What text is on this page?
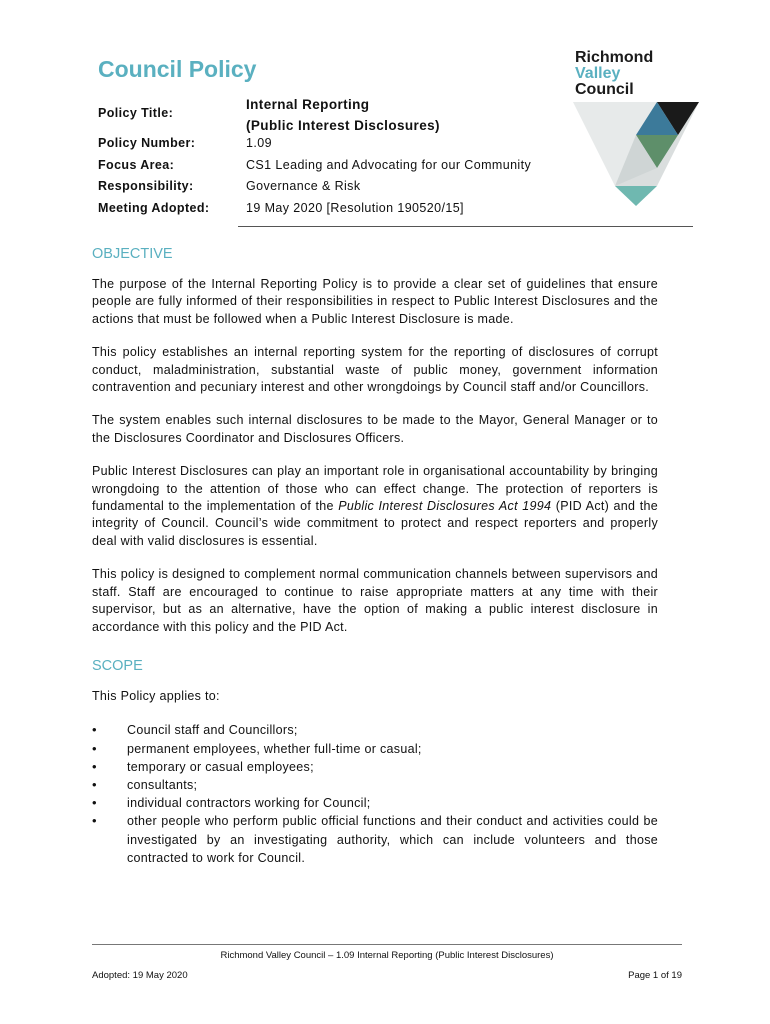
Council Policy	Richmond
Valley
Council
Policy Title:
Internal Reporting
(Public Interest Disclosures)
Policy Number:	1.09
Focus Area:	CS1 Leading and Advocating for our Community
Responsibility:	Governance & Risk
Meeting Adopted:	19 May 2020 [Resolution 190520/15]
OBJECTIVE

The purpose of the Internal Reporting Policy is to provide a clear set of guidelines that ensure people are fully informed of their responsibilities in respect to Public Interest Disclosures and the actions that must be followed when a Public Interest Disclosure is made.

This policy establishes an internal reporting system for the reporting of disclosures of corrupt conduct, maladministration, substantial waste of public money, government information contravention and pecuniary interest and other wrongdoings by Council staff and/or Councillors.

The system enables such internal disclosures to be made to the Mayor, General Manager or to the Disclosures Coordinator and Disclosures Officers.

Public Interest Disclosures can play an important role in organisational accountability by bringing wrongdoing to the attention of those who can effect change. The protection of reporters is fundamental to the implementation of the Public Interest Disclosures Act 1994 (PID Act) and the integrity of Council. Council’s wide commitment to protect and respect reporters and properly deal with valid disclosures is essential.

This policy is designed to complement normal communication channels between supervisors and staff. Staff are encouraged to continue to raise appropriate matters at any time with their supervisor, but as an alternative, have the option of making a public interest disclosure in accordance with this policy and the PID Act.

SCOPE

This Policy applies to:

• Council staff and Councillors;
• permanent employees, whether full-time or casual;
• temporary or casual employees;
• consultants;
• individual contractors working for Council;
• other people who perform public official functions and their conduct and activities could be investigated by an investigating authority, which can include volunteers and those contracted to work for Council.
Richmond Valley Council – 1.09 Internal Reporting (Public Interest Disclosures)
Adopted: 19 May 2020	Page 1 of 19
